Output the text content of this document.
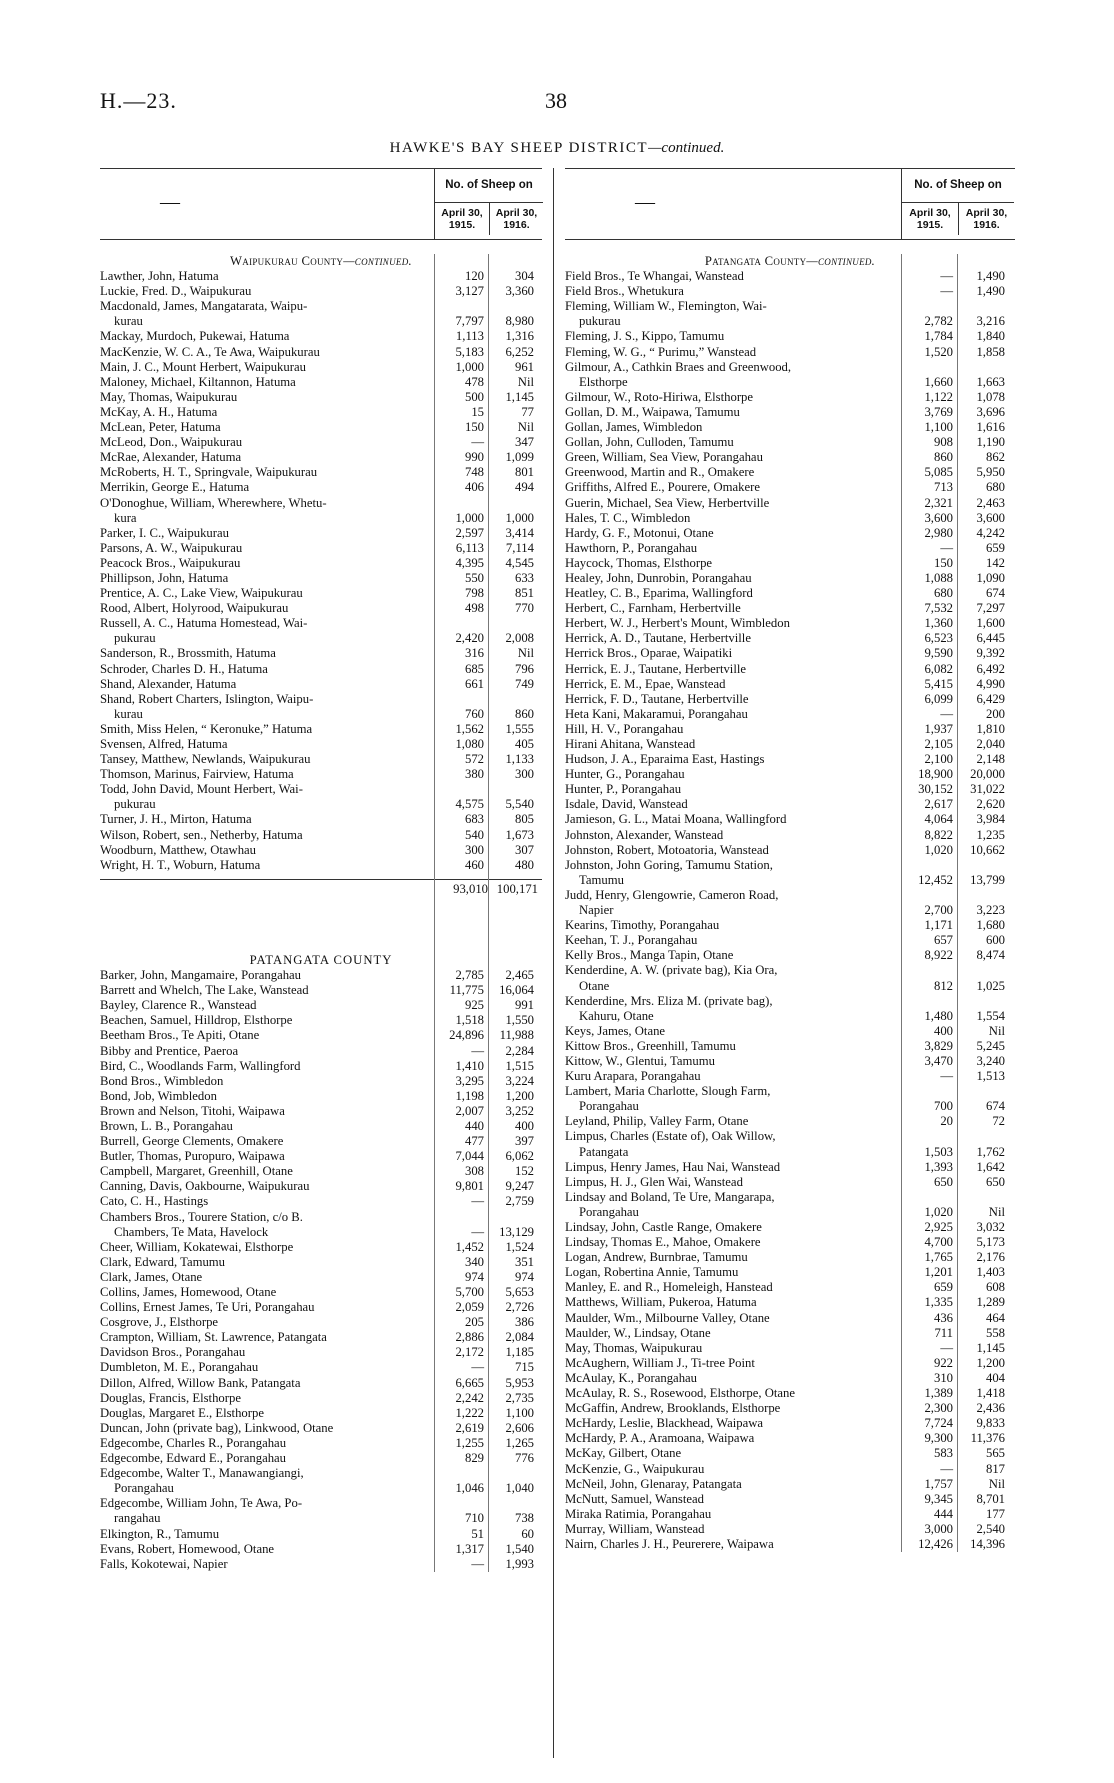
H.—23.	38
HAWKE'S BAY SHEEP DISTRICT—continued.
—
No. of Sheep on
April 30, 1915.
April 30, 1916.
Waipukurau County—continued.
Lawther, John, Hatuma	120	304
Luckie, Fred. D., Waipukurau	3,127	3,360
Macdonald, James, Mangatarata, Waipu-
kurau	7,797	8,980
Mackay, Murdoch, Pukewai, Hatuma	1,113	1,316
MacKenzie, W. C. A., Te Awa, Waipukurau	5,183	6,252
Main, J. C., Mount Herbert, Waipukurau	1,000	961
Maloney, Michael, Kiltannon, Hatuma	478	Nil
May, Thomas, Waipukurau	500	1,145
McKay, A. H., Hatuma	15	77
McLean, Peter, Hatuma	150	Nil
McLeod, Don., Waipukurau	—	347
McRae, Alexander, Hatuma	990	1,099
McRoberts, H. T., Springvale, Waipukurau	748	801
Merrikin, George E., Hatuma	406	494
O'Donoghue, William, Wherewhere, Whetu-
kura	1,000	1,000
Parker, I. C., Waipukurau	2,597	3,414
Parsons, A. W., Waipukurau	6,113	7,114
Peacock Bros., Waipukurau	4,395	4,545
Phillipson, John, Hatuma	550	633
Prentice, A. C., Lake View, Waipukurau	798	851
Rood, Albert, Holyrood, Waipukurau	498	770
Russell, A. C., Hatuma Homestead, Wai-
pukurau	2,420	2,008
Sanderson, R., Brossmith, Hatuma	316	Nil
Schroder, Charles D. H., Hatuma	685	796
Shand, Alexander, Hatuma	661	749
Shand, Robert Charters, Islington, Waipu-
kurau	760	860
Smith, Miss Helen, “ Keronuke,” Hatuma	1,562	1,555
Svensen, Alfred, Hatuma	1,080	405
Tansey, Matthew, Newlands, Waipukurau	572	1,133
Thomson, Marinus, Fairview, Hatuma	380	300
Todd, John David, Mount Herbert, Wai-
pukurau	4,575	5,540
Turner, J. H., Mirton, Hatuma	683	805
Wilson, Robert, sen., Netherby, Hatuma	540	1,673
Woodburn, Matthew, Otawhau	300	307
Wright, H. T., Woburn, Hatuma	460	480
93,010 100,171
PATANGATA COUNTY
Barker, John, Mangamaire, Porangahau	2,785	2,465
Barrett and Whelch, The Lake, Wanstead	11,775	16,064
Bayley, Clarence R., Wanstead	925	991
Beachen, Samuel, Hilldrop, Elsthorpe	1,518	1,550
Beetham Bros., Te Apiti, Otane	24,896	11,988
Bibby and Prentice, Paeroa	—	2,284
Bird, C., Woodlands Farm, Wallingford	1,410	1,515
Bond Bros., Wimbledon	3,295	3,224
Bond, Job, Wimbledon	1,198	1,200
Brown and Nelson, Titohi, Waipawa	2,007	3,252
Brown, L. B., Porangahau	440	400
Burrell, George Clements, Omakere	477	397
Butler, Thomas, Puropuro, Waipawa	7,044	6,062
Campbell, Margaret, Greenhill, Otane	308	152
Canning, Davis, Oakbourne, Waipukurau	9,801	9,247
Cato, C. H., Hastings	—	2,759
Chambers Bros., Tourere Station, c/o B.
Chambers, Te Mata, Havelock	—	13,129
Cheer, William, Kokatewai, Elsthorpe	1,452	1,524
Clark, Edward, Tamumu	340	351
Clark, James, Otane	974	974
Collins, James, Homewood, Otane	5,700	5,653
Collins, Ernest James, Te Uri, Porangahau	2,059	2,726
Cosgrove, J., Elsthorpe	205	386
Crampton, William, St. Lawrence, Patangata	2,886	2,084
Davidson Bros., Porangahau	2,172	1,185
Dumbleton, M. E., Porangahau	—	715
Dillon, Alfred, Willow Bank, Patangata	6,665	5,953
Douglas, Francis, Elsthorpe	2,242	2,735
Douglas, Margaret E., Elsthorpe	1,222	1,100
Duncan, John (private bag), Linkwood, Otane	2,619	2,606
Edgecombe, Charles R., Porangahau	1,255	1,265
Edgecombe, Edward E., Porangahau	829	776
Edgecombe, Walter T., Manawangiangi,
Porangahau	1,046	1,040
Edgecombe, William John, Te Awa, Po-
rangahau	710	738
Elkington, R., Tamumu	51	60
Evans, Robert, Homewood, Otane	1,317	1,540
Falls, Kokotewai, Napier	—	1,993
—
No. of Sheep on
April 30, 1915.
April 30, 1916.
Patangata County—continued.
Field Bros., Te Whangai, Wanstead	—	1,490
Field Bros., Whetukura	—	1,490
Fleming, William W., Flemington, Wai-
pukurau	2,782	3,216
Fleming, J. S., Kippo, Tamumu	1,784	1,840
Fleming, W. G., “ Purimu,” Wanstead	1,520	1,858
Gilmour, A., Cathkin Braes and Greenwood,
Elsthorpe	1,660	1,663
Gilmour, W., Roto-Hiriwa, Elsthorpe	1,122	1,078
Gollan, D. M., Waipawa, Tamumu	3,769	3,696
Gollan, James, Wimbledon	1,100	1,616
Gollan, John, Culloden, Tamumu	908	1,190
Green, William, Sea View, Porangahau	860	862
Greenwood, Martin and R., Omakere	5,085	5,950
Griffiths, Alfred E., Pourere, Omakere	713	680
Guerin, Michael, Sea View, Herbertville	2,321	2,463
Hales, T. C., Wimbledon	3,600	3,600
Hardy, G. F., Motonui, Otane	2,980	4,242
Hawthorn, P., Porangahau	—	659
Haycock, Thomas, Elsthorpe	150	142
Healey, John, Dunrobin, Porangahau	1,088	1,090
Heatley, C. B., Eparima, Wallingford	680	674
Herbert, C., Farnham, Herbertville	7,532	7,297
Herbert, W. J., Herbert's Mount, Wimbledon	1,360	1,600
Herrick, A. D., Tautane, Herbertville	6,523	6,445
Herrick Bros., Oparae, Waipatiki	9,590	9,392
Herrick, E. J., Tautane, Herbertville	6,082	6,492
Herrick, E. M., Epae, Wanstead	5,415	4,990
Herrick, F. D., Tautane, Herbertville	6,099	6,429
Heta Kani, Makaramui, Porangahau	—	200
Hill, H. V., Porangahau	1,937	1,810
Hirani Ahitana, Wanstead	2,105	2,040
Hudson, J. A., Eparaima East, Hastings	2,100	2,148
Hunter, G., Porangahau	18,900	20,000
Hunter, P., Porangahau	30,152	31,022
Isdale, David, Wanstead	2,617	2,620
Jamieson, G. L., Matai Moana, Wallingford	4,064	3,984
Johnston, Alexander, Wanstead	8,822	1,235
Johnston, Robert, Motoatoria, Wanstead	1,020	10,662
Johnston, John Goring, Tamumu Station,
Tamumu	12,452	13,799
Judd, Henry, Glengowrie, Cameron Road,
Napier	2,700	3,223
Kearins, Timothy, Porangahau	1,171	1,680
Keehan, T. J., Porangahau	657	600
Kelly Bros., Manga Tapin, Otane	8,922	8,474
Kenderdine, A. W. (private bag), Kia Ora,
Otane	812	1,025
Kenderdine, Mrs. Eliza M. (private bag),
Kahuru, Otane	1,480	1,554
Keys, James, Otane	400	Nil
Kittow Bros., Greenhill, Tamumu	3,829	5,245
Kittow, W., Glentui, Tamumu	3,470	3,240
Kuru Arapara, Porangahau	—	1,513
Lambert, Maria Charlotte, Slough Farm,
Porangahau	700	674
Leyland, Philip, Valley Farm, Otane	20	72
Limpus, Charles (Estate of), Oak Willow,
Patangata	1,503	1,762
Limpus, Henry James, Hau Nai, Wanstead	1,393	1,642
Limpus, H. J., Glen Wai, Wanstead	650	650
Lindsay and Boland, Te Ure, Mangarapa,
Porangahau	1,020	Nil
Lindsay, John, Castle Range, Omakere	2,925	3,032
Lindsay, Thomas E., Mahoe, Omakere	4,700	5,173
Logan, Andrew, Burnbrae, Tamumu	1,765	2,176
Logan, Robertina Annie, Tamumu	1,201	1,403
Manley, E. and R., Homeleigh, Hanstead	659	608
Matthews, William, Pukeroa, Hatuma	1,335	1,289
Maulder, Wm., Milbourne Valley, Otane	436	464
Maulder, W., Lindsay, Otane	711	558
May, Thomas, Waipukurau	—	1,145
McAughern, William J., Ti-tree Point	922	1,200
McAulay, K., Porangahau	310	404
McAulay, R. S., Rosewood, Elsthorpe, Otane	1,389	1,418
McGaffin, Andrew, Brooklands, Elsthorpe	2,300	2,436
McHardy, Leslie, Blackhead, Waipawa	7,724	9,833
McHardy, P. A., Aramoana, Waipawa	9,300	11,376
McKay, Gilbert, Otane	583	565
McKenzie, G., Waipukurau	—	817
McNeil, John, Glenaray, Patangata	1,757	Nil
McNutt, Samuel, Wanstead	9,345	8,701
Miraka Ratimia, Porangahau	444	177
Murray, William, Wanstead	3,000	2,540
Nairn, Charles J. H., Peurerere, Waipawa	12,426	14,396
